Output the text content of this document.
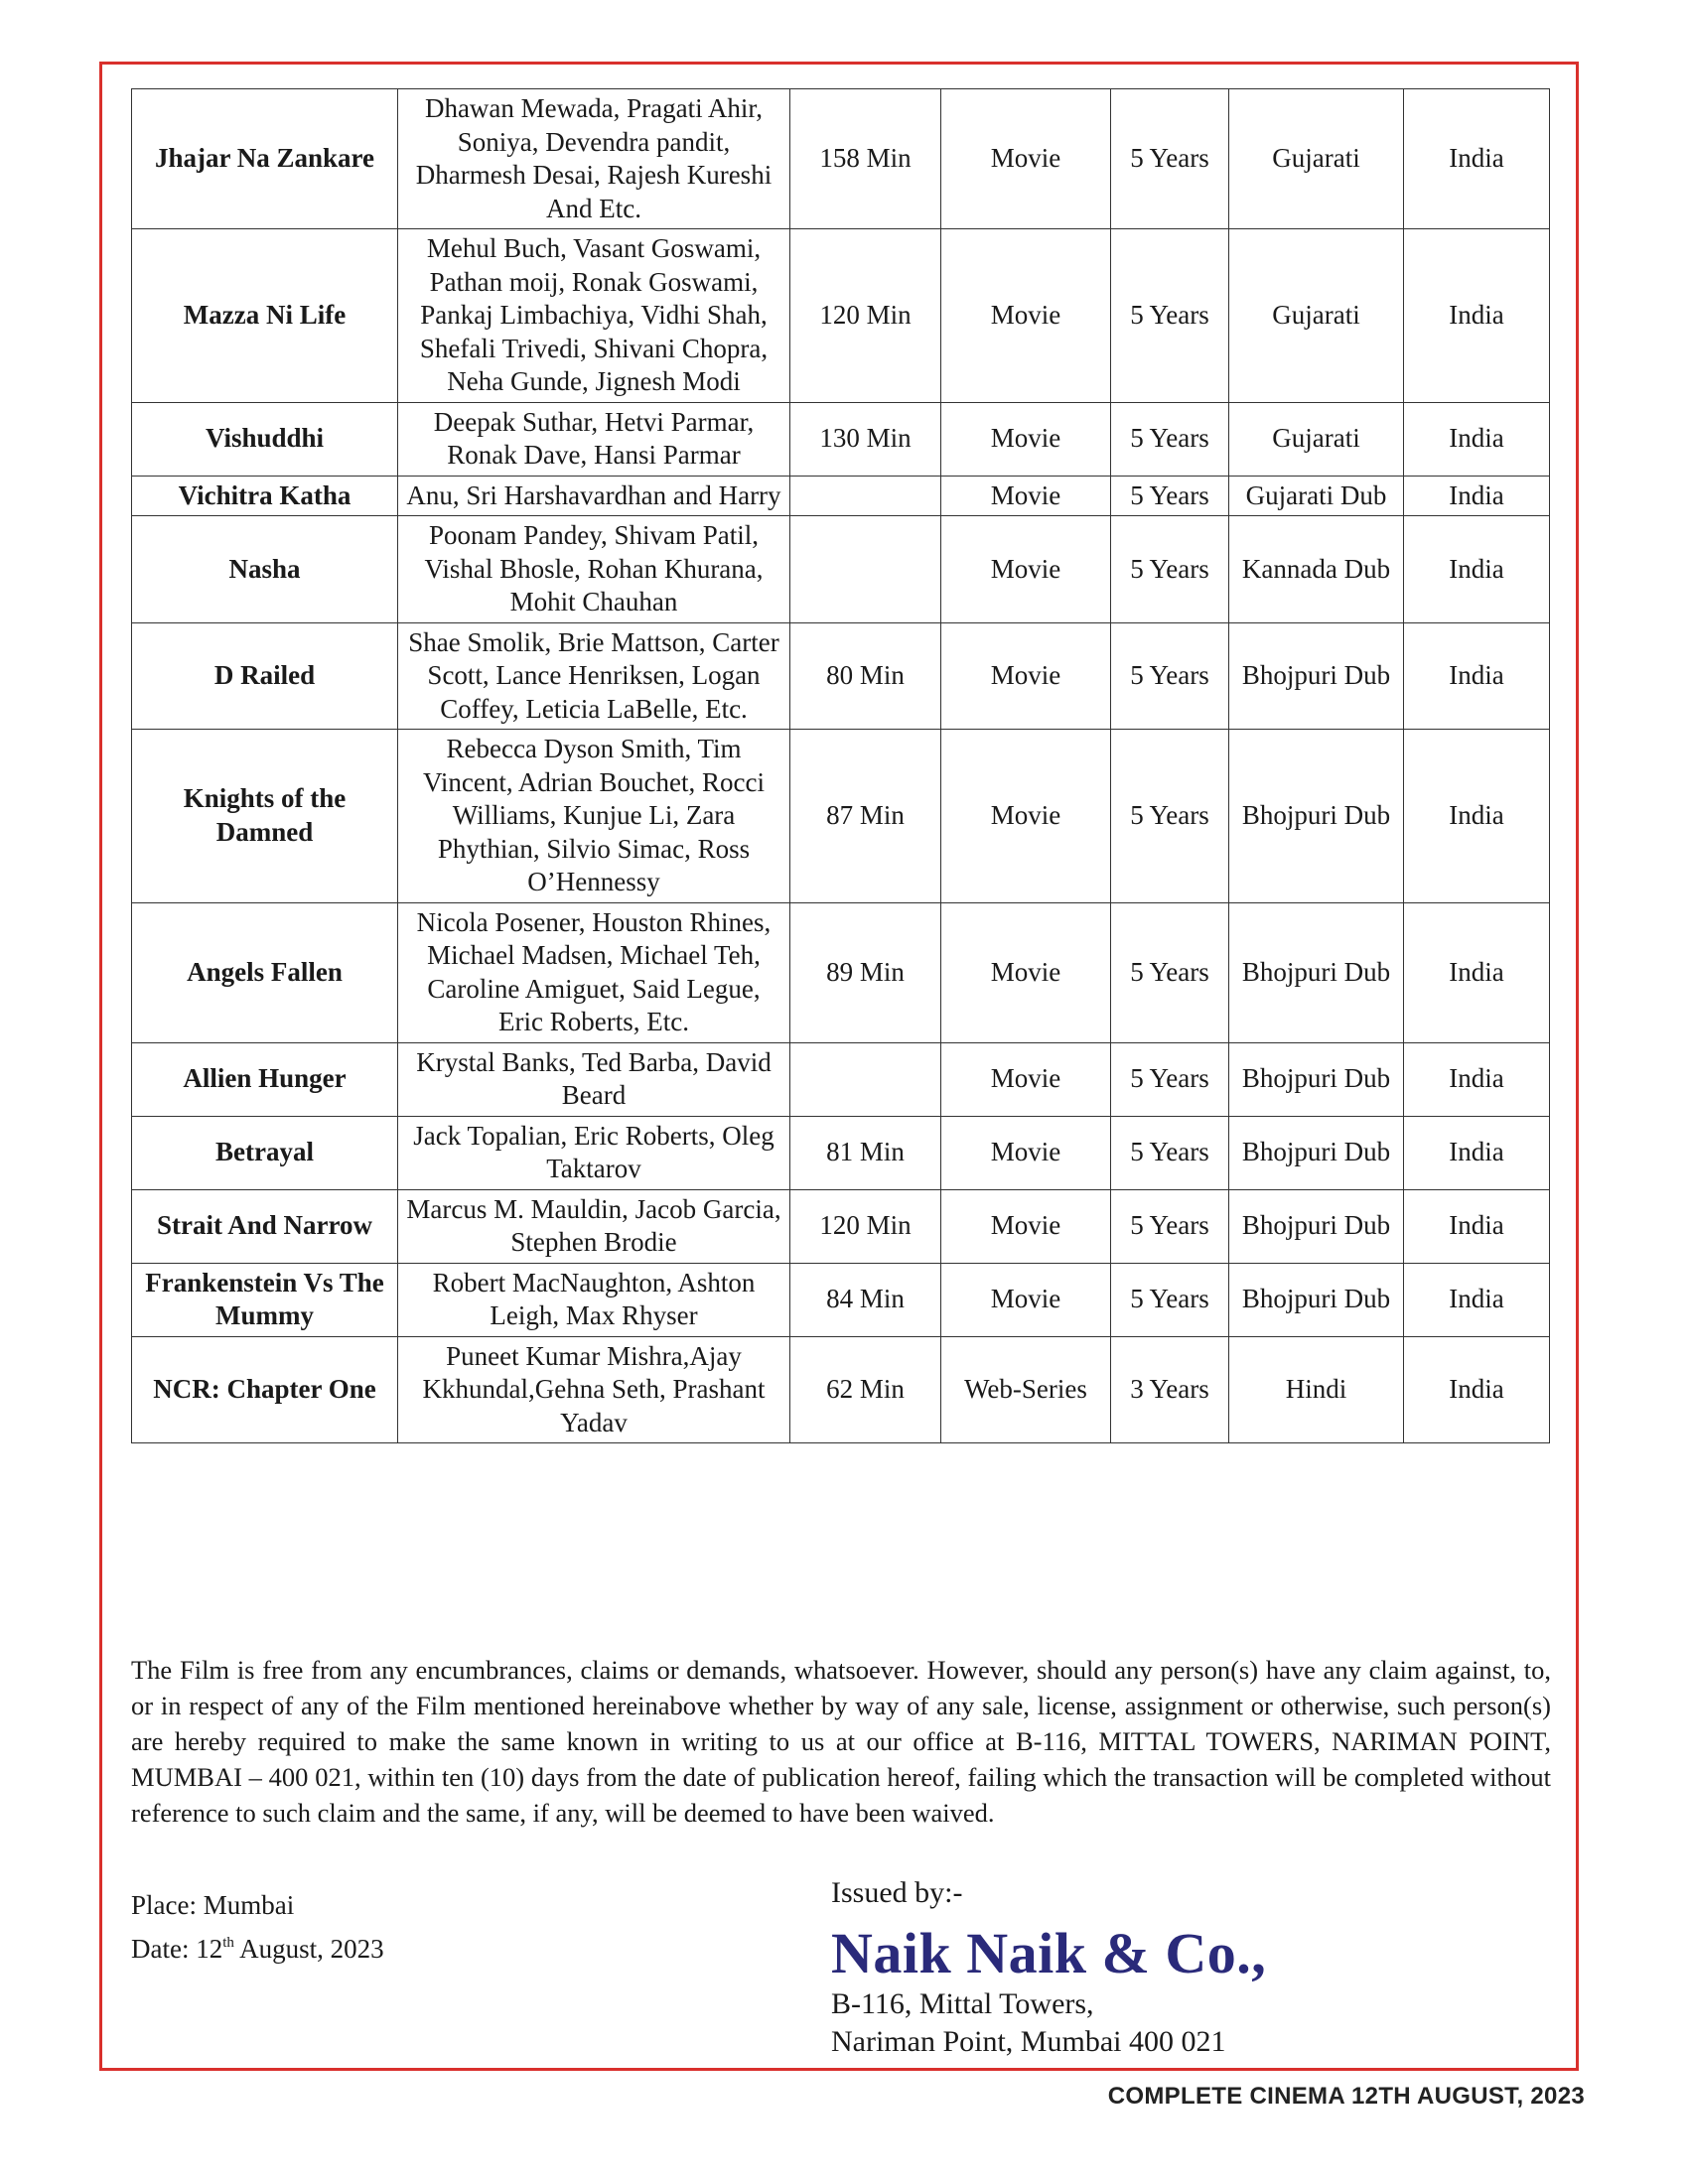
Jhajar Na Zankare	Dhawan Mewada, Pragati Ahir, Soniya, Devendra pandit, Dharmesh Desai, Rajesh Kureshi And Etc.	158 Min	Movie	5 Years	Gujarati	India
Mazza Ni Life	Mehul Buch, Vasant Goswami, Pathan moij, Ronak Goswami, Pankaj Limbachiya, Vidhi Shah, Shefali Trivedi, Shivani Chopra, Neha Gunde, Jignesh Modi	120 Min	Movie	5 Years	Gujarati	India
Vishuddhi	Deepak Suthar, Hetvi Parmar, Ronak Dave, Hansi Parmar	130 Min	Movie	5 Years	Gujarati	India
Vichitra Katha	Anu, Sri Harshavardhan and Harry		Movie	5 Years	Gujarati Dub	India
Nasha	Poonam Pandey, Shivam Patil, Vishal Bhosle, Rohan Khurana, Mohit Chauhan		Movie	5 Years	Kannada Dub	India
D Railed	Shae Smolik, Brie Mattson, Carter Scott, Lance Henriksen, Logan Coffey, Leticia LaBelle, Etc.	80 Min	Movie	5 Years	Bhojpuri Dub	India
Knights of the Damned	Rebecca Dyson Smith, Tim Vincent, Adrian Bouchet, Rocci Williams, Kunjue Li, Zara Phythian, Silvio Simac, Ross O’Hennessy	87 Min	Movie	5 Years	Bhojpuri Dub	India
Angels Fallen	Nicola Posener, Houston Rhines, Michael Madsen, Michael Teh, Caroline Amiguet, Said Legue, Eric Roberts, Etc.	89 Min	Movie	5 Years	Bhojpuri Dub	India
Allien Hunger	Krystal Banks, Ted Barba, David Beard		Movie	5 Years	Bhojpuri Dub	India
Betrayal	Jack Topalian, Eric Roberts, Oleg Taktarov	81 Min	Movie	5 Years	Bhojpuri Dub	India
Strait And Narrow	Marcus M. Mauldin, Jacob Garcia, Stephen Brodie	120 Min	Movie	5 Years	Bhojpuri Dub	India
Frankenstein Vs The Mummy	Robert MacNaughton, Ashton Leigh, Max Rhyser	84 Min	Movie	5 Years	Bhojpuri Dub	India
NCR: Chapter One	Puneet Kumar Mishra,Ajay Kkhundal,Gehna Seth, Prashant Yadav	62 Min	Web-Series	3 Years	Hindi	India

The Film is free from any encumbrances, claims or demands, whatsoever. However, should any person(s) have any claim against, to, or in respect of any of the Film mentioned hereinabove whether by way of any sale, license, assignment or otherwise, such person(s) are hereby required to make the same known in writing to us at our office at B-116, MITTAL TOWERS, NARIMAN POINT, MUMBAI – 400 021, within ten (10) days from the date of publication hereof, failing which the transaction will be completed without reference to such claim and the same, if any, will be deemed to have been waived.

Place: Mumbai
Date: 12th August, 2023
Issued by:-
Naik Naik & Co.,
B-116, Mittal Towers,
Nariman Point, Mumbai 400 021
COMPLETE CINEMA 12TH AUGUST, 2023
